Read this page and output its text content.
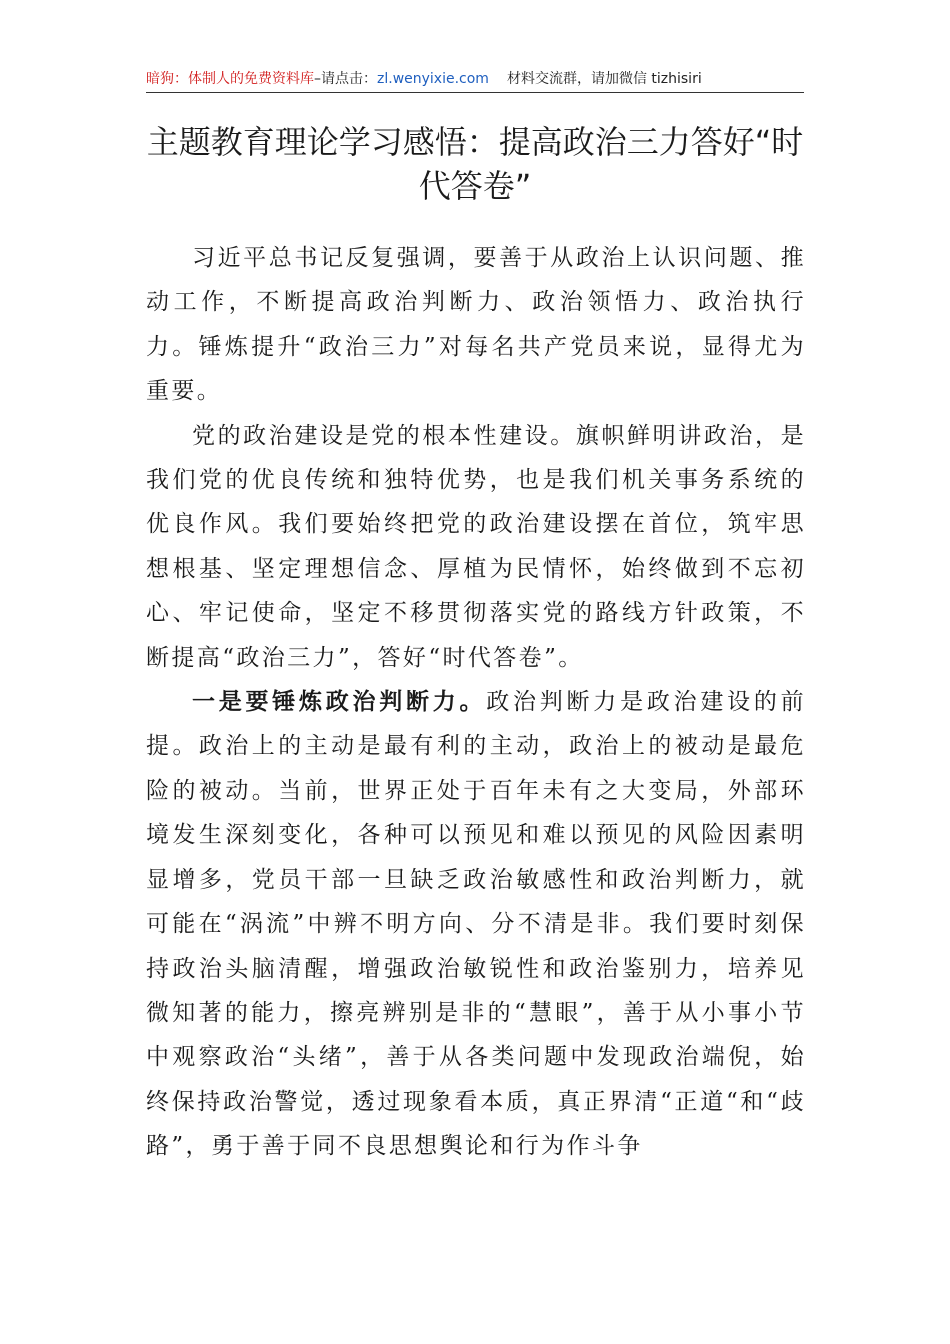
暗狗：体制人的免费资料库–请点击：zl.wenyixie.com 材料交流群，请加微信 tizhisiri
主题教育理论学习感悟：提高政治三力答好“时代答卷”

习近平总书记反复强调，要善于从政治上认识问题、推动工作，不断提高政治判断力、政治领悟力、政治执行力。锤炼提升“政治三力”对每名共产党员来说，显得尤为重要。

党的政治建设是党的根本性建设。旗帜鲜明讲政治，是我们党的优良传统和独特优势，也是我们机关事务系统的优良作风。我们要始终把党的政治建设摆在首位，筑牢思想根基、坚定理想信念、厚植为民情怀，始终做到不忘初心、牢记使命，坚定不移贯彻落实党的路线方针政策，不断提高“政治三力”，答好“时代答卷”。

一是要锤炼政治判断力。政治判断力是政治建设的前提。政治上的主动是最有利的主动，政治上的被动是最危险的被动。当前，世界正处于百年未有之大变局，外部环境发生深刻变化，各种可以预见和难以预见的风险因素明显增多，党员干部一旦缺乏政治敏感性和政治判断力，就可能在“涡流”中辨不明方向、分不清是非。我们要时刻保持政治头脑清醒，增强政治敏锐性和政治鉴别力，培养见微知著的能力，擦亮辨别是非的“慧眼”，善于从小事小节中观察政治“头绪”，善于从各类问题中发现政治端倪，始终保持政治警觉，透过现象看本质，真正界清“正道“和“歧路”，勇于善于同不良思想舆论和行为作斗争
